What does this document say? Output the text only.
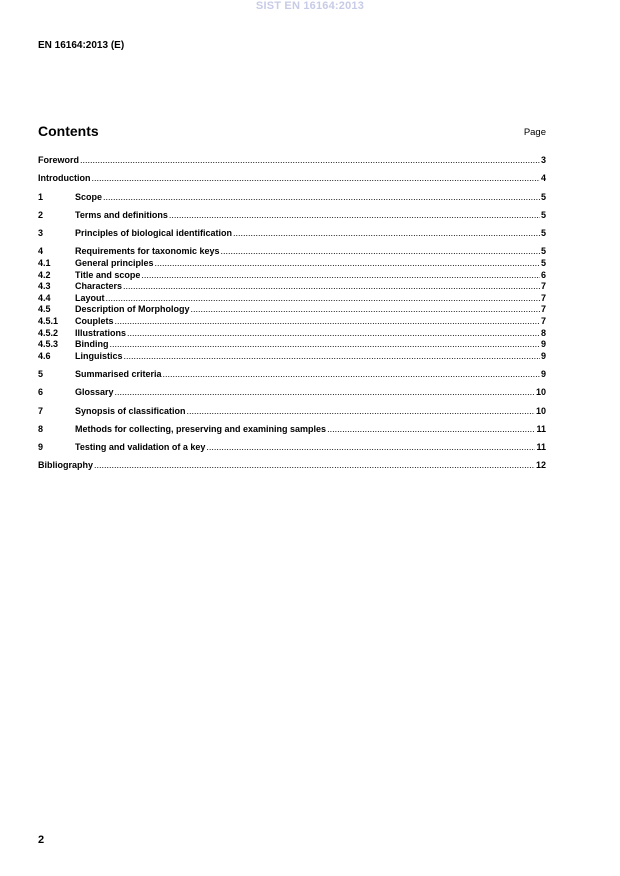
SIST EN 16164:2013
EN 16164:2013 (E)
Contents	Page
Foreword .....	3
Introduction .....	4
1	Scope .....	5
2	Terms and definitions .....	5
3	Principles of biological identification .....	5
4	Requirements for taxonomic keys .....	5
4.1	General principles .....	5
4.2	Title and scope .....	6
4.3	Characters .....	7
4.4	Layout .....	7
4.5	Description of Morphology .....	7
4.5.1	Couplets .....	7
4.5.2	Illustrations .....	8
4.5.3	Binding .....	9
4.6	Linguistics .....	9
5	Summarised criteria .....	9
6	Glossary .....	10
7	Synopsis of classification .....	10
8	Methods for collecting, preserving and examining samples .....	11
9	Testing and validation of a key .....	11
Bibliography .....	12
2
